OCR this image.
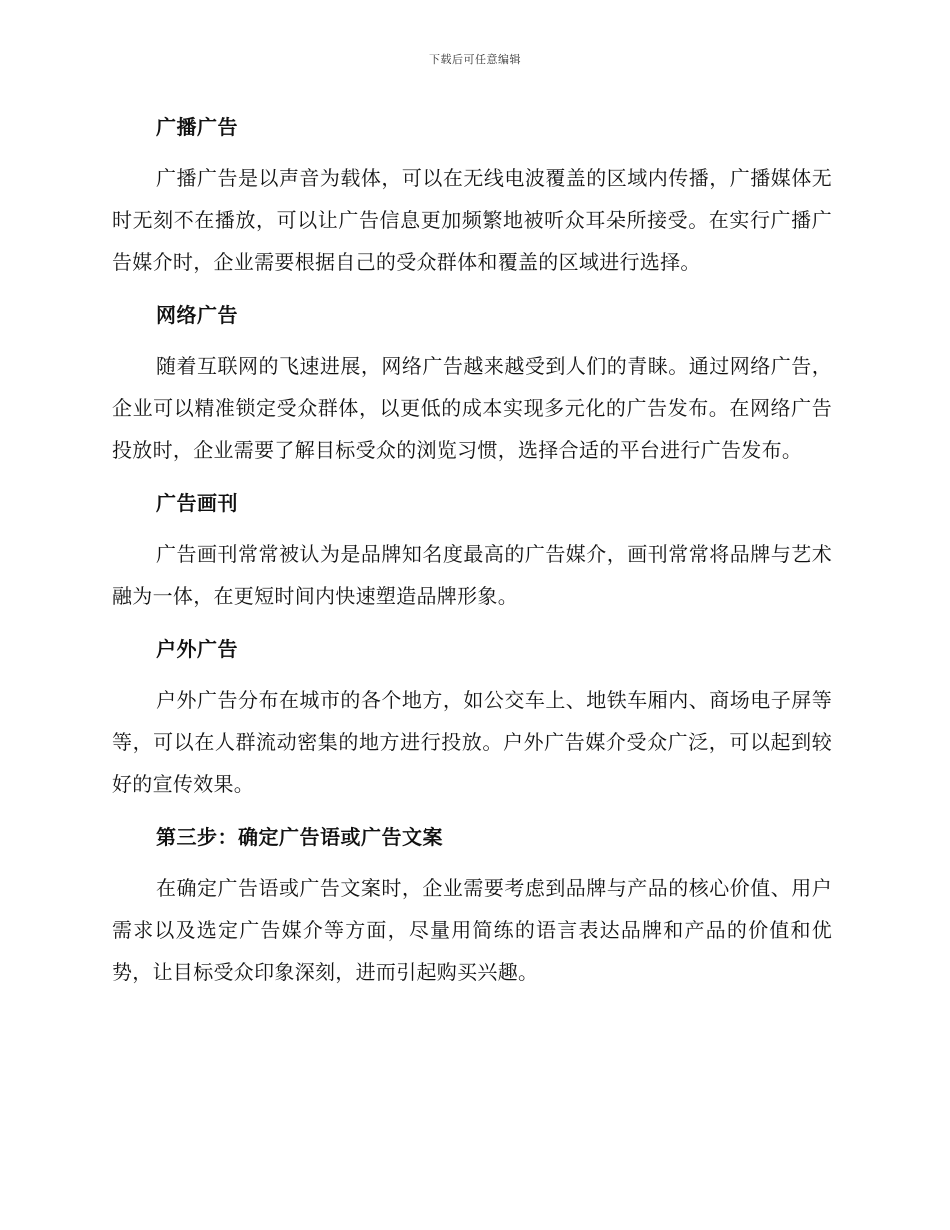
下载后可任意编辑
广播广告

广播广告是以声音为载体，可以在无线电波覆盖的区域内传播，广播媒体无时无刻不在播放，可以让广告信息更加频繁地被听众耳朵所接受。在实行广播广告媒介时，企业需要根据自己的受众群体和覆盖的区域进行选择。

网络广告

随着互联网的飞速进展，网络广告越来越受到人们的青睐。通过网络广告，企业可以精准锁定受众群体，以更低的成本实现多元化的广告发布。在网络广告投放时，企业需要了解目标受众的浏览习惯，选择合适的平台进行广告发布。

广告画刊

广告画刊常常被认为是品牌知名度最高的广告媒介，画刊常常将品牌与艺术融为一体，在更短时间内快速塑造品牌形象。

户外广告

户外广告分布在城市的各个地方，如公交车上、地铁车厢内、商场电子屏等等，可以在人群流动密集的地方进行投放。户外广告媒介受众广泛，可以起到较好的宣传效果。

第三步：确定广告语或广告文案

在确定广告语或广告文案时，企业需要考虑到品牌与产品的核心价值、用户需求以及选定广告媒介等方面，尽量用简练的语言表达品牌和产品的价值和优势，让目标受众印象深刻，进而引起购买兴趣。
